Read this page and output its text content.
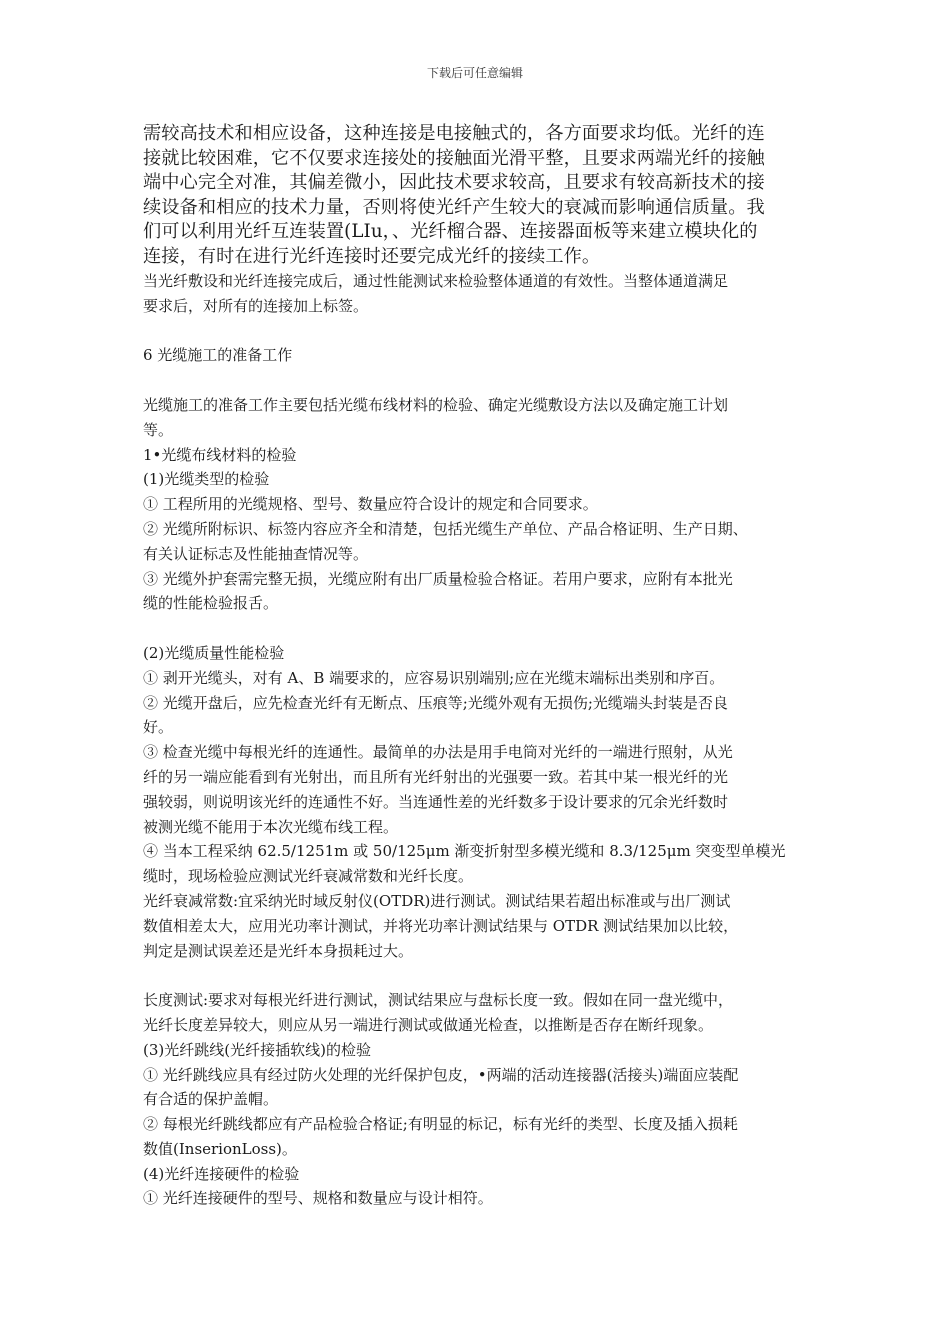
下载后可任意编辑

需较高技术和相应设备，这种连接是电接触式的，各方面要求均低。光纤的连

接就比较困难，它不仅要求连接处的接触面光滑平整，且要求两端光纤的接触

端中心完全对准，其偏差微小，因此技术要求较高，且要求有较高新技术的接

续设备和相应的技术力量，否则将使光纤产生较大的衰减而影响通信质量。我

们可以利用光纤互连装置(LIu，、光纤榴合器、连接器面板等来建立模块化的

连接，有时在进行光纤连接时还要完成光纤的接续工作。

当光纤敷设和光纤连接完成后，通过性能测试来检验整体通道的有效性。当整体通道满足

要求后，对所有的连接加上标签。

6 光缆施工的准备工作

光缆施工的准备工作主要包括光缆布线材料的检验、确定光缆敷设方法以及确定施工计划

等。

1•光缆布线材料的检验

(1)光缆类型的检验

① 工程所用的光缆规格、型号、数量应符合设计的规定和合同要求。

② 光缆所附标识、标签内容应齐全和清楚，包括光缆生产单位、产品合格证明、生产日期、

有关认证标志及性能抽查情况等。

③ 光缆外护套需完整无损，光缆应附有出厂质量检验合格证。若用户要求，应附有本批光

缆的性能检验报舌。

(2)光缆质量性能检验

① 剥开光缆头，对有 A、B 端要求的，应容易识别端别;应在光缆末端标出类别和序百。

② 光缆开盘后，应先检查光纤有无断点、压痕等;光缆外观有无损伤;光缆端头封装是否良

好。

③ 检查光缆中每根光纤的连通性。最简单的办法是用手电筒对光纤的一端进行照射，从光

纤的另一端应能看到有光射出，而且所有光纤射出的光强要一致。若其中某一根光纤的光

强较弱，则说明该光纤的连通性不好。当连通性差的光纤数多于设计要求的冗余光纤数时

被测光缆不能用于本次光缆布线工程。

④ 当本工程采纳 62.5/1251m 或 50/125μm 渐变折射型多模光缆和 8.3/125μm 突变型单模光

缆时，现场检验应测试光纤衰减常数和光纤长度。

光纤衰减常数:宜采纳光时域反射仪(OTDR)进行测试。测试结果若超出标准或与出厂测试

数值相差太大，应用光功率计测试，并将光功率计测试结果与 OTDR 测试结果加以比较，

判定是测试误差还是光纤本身损耗过大。

长度测试:要求对每根光纤进行测试，测试结果应与盘标长度一致。假如在同一盘光缆中，

光纤长度差异较大，则应从另一端进行测试或做通光检查，以推断是否存在断纤现象。

(3)光纤跳线(光纤接插软线)的检验

① 光纤跳线应具有经过防火处理的光纤保护包皮，•两端的活动连接器(活接头)端面应装配

有合适的保护盖帽。

② 每根光纤跳线都应有产品检验合格证;有明显的标记，标有光纤的类型、长度及插入损耗

数值(InserionLoss)。

(4)光纤连接硬件的检验

① 光纤连接硬件的型号、规格和数量应与设计相符。
